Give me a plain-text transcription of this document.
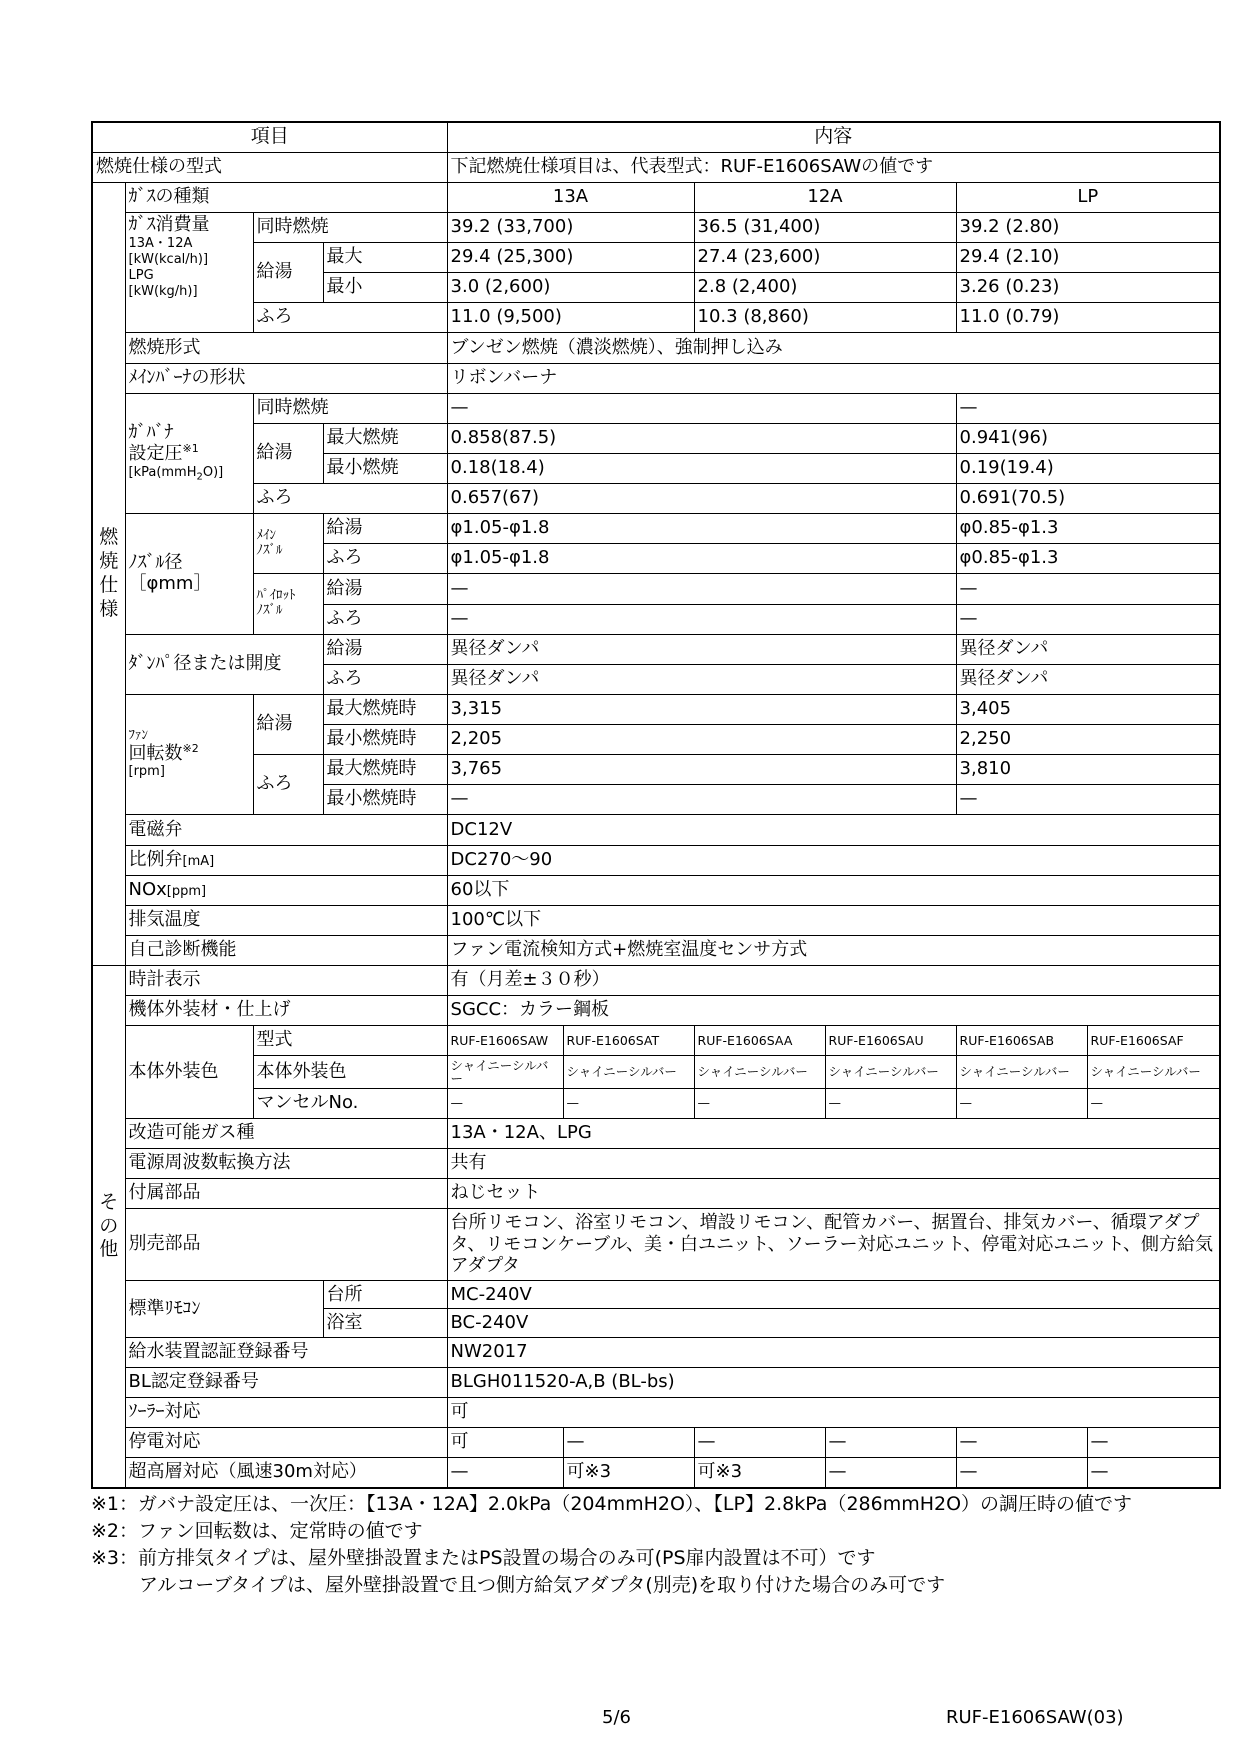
項目				内容					
燃焼仕様の型式				下記燃焼仕様項目は、代表型式：RUF-E1606SAWの値です					
燃焼仕様	ｶﾞｽの種類			13A		12A		LP	
	ｶﾞｽ消費量
13A・12A
[kW(kcal/h)]
LPG
[kW(kg/h)]	同時燃焼		39.2 (33,700)		36.5 (31,400)		39.2 (2.80)	
		給湯	最大	29.4 (25,300)		27.4 (23,600)		29.4 (2.10)	
			最小	3.0 (2,600)		2.8 (2,400)		3.26 (0.23)	
		ふろ		11.0 (9,500)		10.3 (8,860)		11.0 (0.79)	
	燃焼形式			ブンゼン燃焼（濃淡燃焼）、強制押し込み					
	ﾒｲﾝﾊﾞｰﾅの形状			リボンバーナ					

	ｶﾞﾊﾞﾅ
設定圧$^{※1}$
[kPa(mmH$_2$O)]	同時燃焼		—				—	
		給湯	最大燃焼	0.858(87.5)				0.941(96)	
			最小燃焼	0.18(18.4)				0.19(19.4)	
		ふろ		0.657(67)				0.691(70.5)	

	ﾉｽﾞﾙ径
［φmm］	ﾒｲﾝ
ﾉｽﾞﾙ	給湯	φ1.05-φ1.8				φ0.85-φ1.3	
			ふろ	φ1.05-φ1.8				φ0.85-φ1.3	

		ﾊﾟｲﾛｯﾄ
ﾉｽﾞﾙ	給湯	—				—	
			ふろ	—				—	
	ﾀﾞﾝﾊﾟ径または開度		給湯	異径ダンパ				異径ダンパ	
			ふろ	異径ダンパ				異径ダンパ	

	ﾌｧﾝ
回転数$^{※2}$
[rpm]	給湯	最大燃焼時	3,315				3,405	
			最小燃焼時	2,205				2,250	
		ふろ	最大燃焼時	3,765				3,810	
			最小燃焼時	—				—	
	電磁弁			DC12V					
	比例弁[mA]			DC270～90					
	NOx[ppm]			60以下					
	排気温度			100℃以下					
	自己診断機能			ファン電流検知方式+燃焼室温度センサ方式					
その他	時計表示			有（月差±３０秒）					
	機体外装材・仕上げ			SGCC：カラー鋼板					
	本体外装色	型式		RUF-E1606SAW	RUF-E1606SAT	RUF-E1606SAA	RUF-E1606SAU	RUF-E1606SAB	RUF-E1606SAF
		本体外装色		シャイニーシルバー	シャイニーシルバー	シャイニーシルバー	シャイニーシルバー	シャイニーシルバー	シャイニーシルバー
		マンセルNo.		—	—	—	—	—	—
	改造可能ガス種			13A・12A、LPG					
	電源周波数転換方法			共有					
	付属部品			ねじセット					
	別売部品			台所リモコン、浴室リモコン、増設リモコン、配管カバー、据置台、排気カバー、循環アダプタ、リモコンケーブル、美・白ユニット、ソーラー対応ユニット、停電対応ユニット、側方給気アダプタ					
	標準ﾘﾓｺﾝ		台所	MC-240V					
			浴室	BC-240V					
	給水装置認証登録番号			NW2017					
	BL認定登録番号			BLGH011520-A,B (BL-bs)					
	ｿｰﾗｰ対応			可					
	停電対応			可	—	—	—	—	—
	超高層対応（風速30m対応）			—	可※3	可※3	—	—	—
※1：ガバナ設定圧は、一次圧：【13A・12A】2.0kPa（204mmH2O）、【LP】2.8kPa（286mmH2O）の調圧時の値です
※2：ファン回転数は、定常時の値です
※3：前方排気タイプは、屋外壁掛設置またはPS設置の場合のみ可(PS扉内設置は不可）です
アルコーブタイプは、屋外壁掛設置で且つ側方給気アダプタ(別売)を取り付けた場合のみ可です
5/6	RUF-E1606SAW(03)
